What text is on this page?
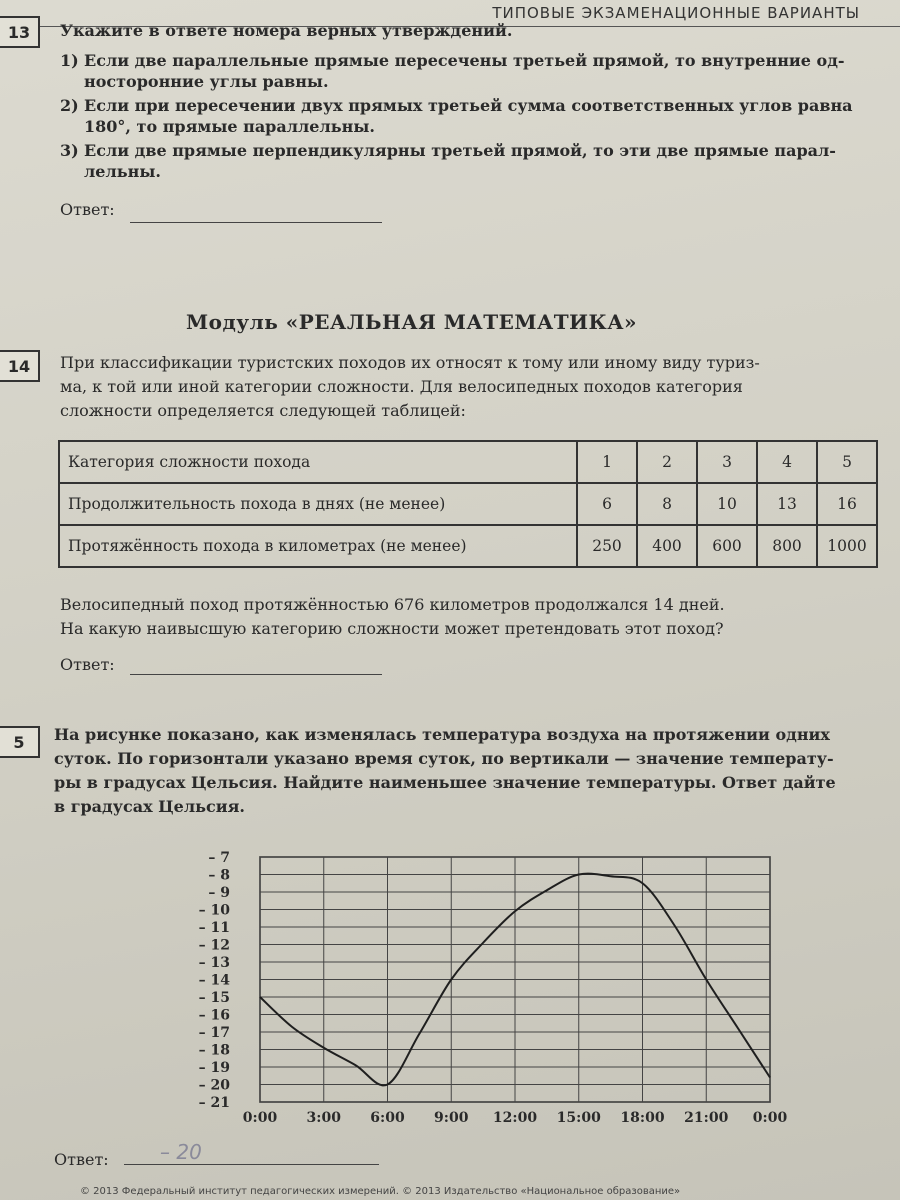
ТИПОВЫЕ ЭКЗАМЕНАЦИОННЫЕ ВАРИАНТЫ
13	Укажите в ответе номера верных утверждений.
1) Если две параллельные прямые пересечены третьей прямой, то внутренние од-
носторонние углы равны.
2) Если при пересечении двух прямых третьей сумма соответственных углов равна
180°, то прямые параллельны.
3) Если две прямые перпендикулярны третьей прямой, то эти две прямые парал-
лельны.
Ответ:
Модуль «РЕАЛЬНАЯ МАТЕМАТИКА»
14	При классификации туристских походов их относят к тому или иному виду туриз-
ма, к той или иной категории сложности. Для велосипедных походов категория
сложности определяется следующей таблицей:
Категория сложности похода	1	2	3	4	5
Продолжительность похода в днях (не менее)	6	8	10	13	16
Протяжённость похода в километрах (не менее)	250	400	600	800	1000
Велосипедный поход протяжённостью 676 километров продолжался 14 дней.
На какую наивысшую категорию сложности может претендовать этот поход?
Ответ:
5	На рисунке показано, как изменялась температура воздуха на протяжении одних
суток. По горизонтали указано время суток, по вертикали — значение температу-
ры в градусах Цельсия. Найдите наименьшее значение температуры. Ответ дайте
в градусах Цельсия.
– 7
– 8
– 9
– 10
– 11
– 12
– 13
– 14
– 15
– 16
– 17
– 18
– 19
– 20
– 21
0:00 3:00 6:00 9:00 12:00 15:00 18:00 21:00 0:00
Ответ:	– 20
© 2013 Федеральный институт педагогических измерений. © 2013 Издательство «Национальное образование»
